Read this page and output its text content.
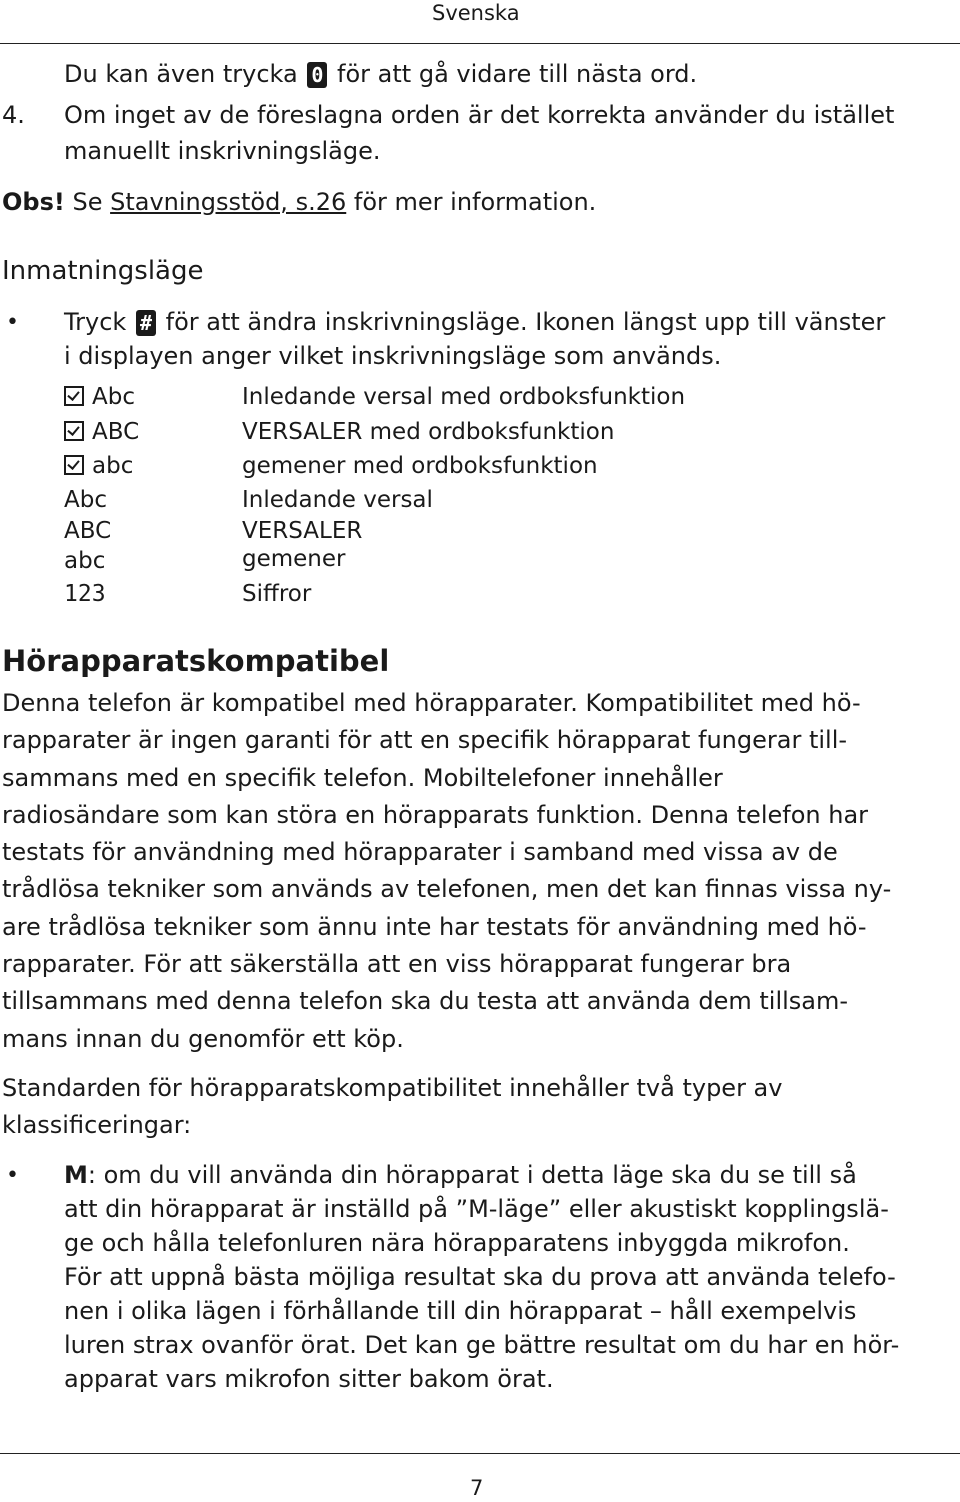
Svenska
Du kan även trycka 0 för att gå vidare till nästa ord.
4. Om inget av de föreslagna orden är det korrekta använder du istället
manuellt inskrivningsläge.
Obs! Se Stavningsstöd, s.26 för mer information.
Inmatningsläge
• Tryck # för att ändra inskrivningsläge. Ikonen längst upp till vänster
i displayen anger vilket inskrivningsläge som används.
Abc	Inledande versal med ordboksfunktion
ABC	VERSALER med ordboksfunktion
abc	gemener med ordboksfunktion
Abc	Inledande versal
ABC	VERSALER
abc	gemener
123	Siffror
Hörapparatskompatibel
Denna telefon är kompatibel med hörapparater. Kompatibilitet med hö-
rapparater är ingen garanti för att en specifik hörapparat fungerar till-
sammans med en specifik telefon. Mobiltelefoner innehåller
radiosändare som kan störa en hörapparats funktion. Denna telefon har
testats för användning med hörapparater i samband med vissa av de
trådlösa tekniker som används av telefonen, men det kan finnas vissa ny-
are trådlösa tekniker som ännu inte har testats för användning med hö-
rapparater. För att säkerställa att en viss hörapparat fungerar bra
tillsammans med denna telefon ska du testa att använda dem tillsam-
mans innan du genomför ett köp.
Standarden för hörapparatskompatibilitet innehåller två typer av
klassificeringar:
• M: om du vill använda din hörapparat i detta läge ska du se till så
att din hörapparat är inställd på ”M-läge” eller akustiskt kopplingslä-
ge och hålla telefonluren nära hörapparatens inbyggda mikrofon.
För att uppnå bästa möjliga resultat ska du prova att använda telefo-
nen i olika lägen i förhållande till din hörapparat – håll exempelvis
luren strax ovanför örat. Det kan ge bättre resultat om du har en hör-
apparat vars mikrofon sitter bakom örat.
7
